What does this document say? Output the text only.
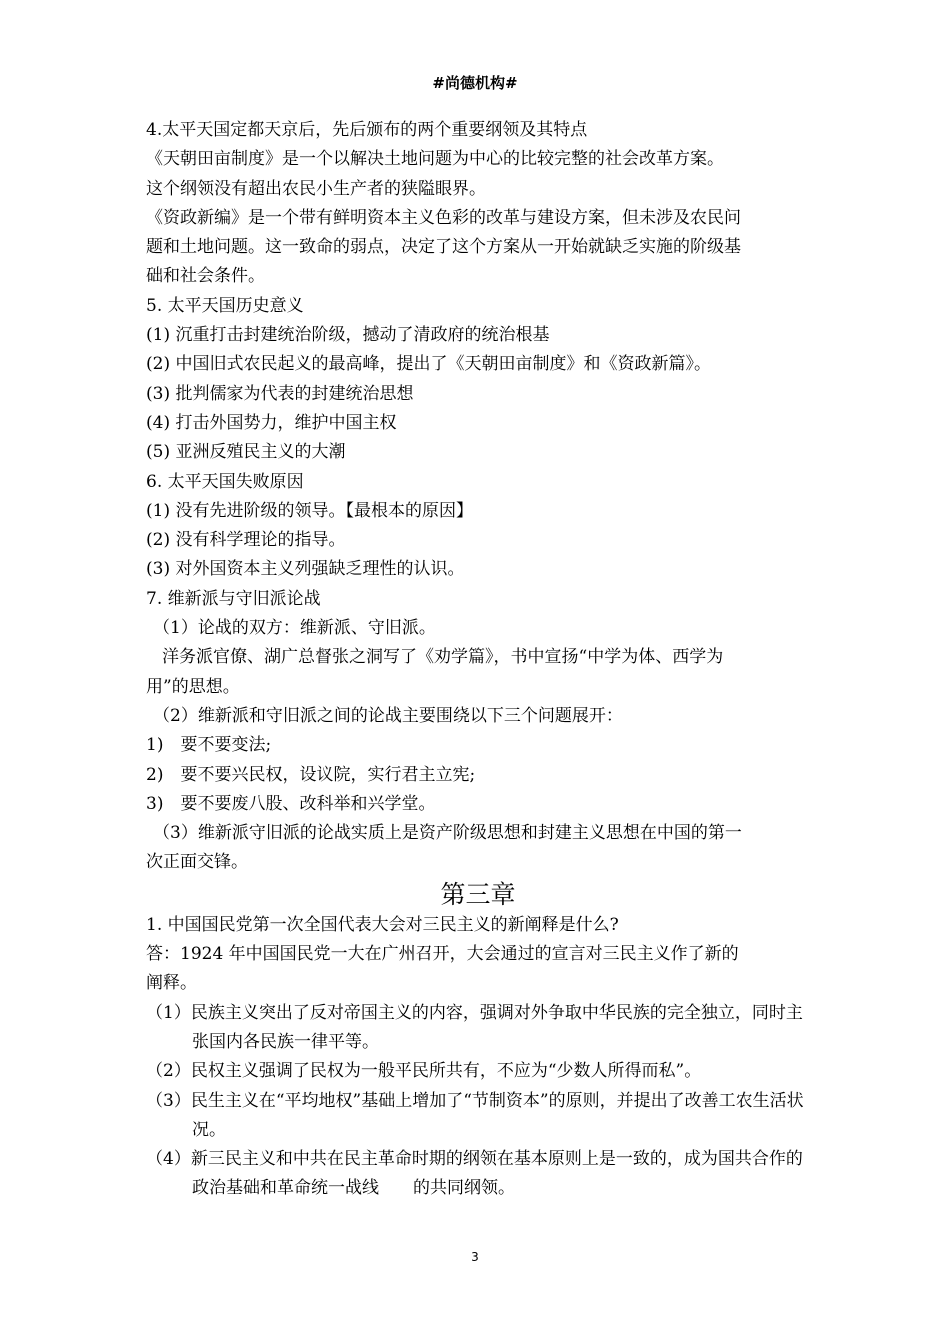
#尚德机构#

4.太平天国定都天京后，先后颁布的两个重要纲领及其特点

《天朝田亩制度》是一个以解决土地问题为中心的比较完整的社会改革方案。

这个纲领没有超出农民小生产者的狭隘眼界。

《资政新编》是一个带有鲜明资本主义色彩的改革与建设方案，但未涉及农民问

题和土地问题。这一致命的弱点，决定了这个方案从一开始就缺乏实施的阶级基

础和社会条件。

5. 太平天国历史意义

(1) 沉重打击封建统治阶级，撼动了清政府的统治根基

(2) 中国旧式农民起义的最高峰，提出了《天朝田亩制度》和《资政新篇》。

(3) 批判儒家为代表的封建统治思想

(4) 打击外国势力，维护中国主权

(5) 亚洲反殖民主义的大潮

6. 太平天国失败原因

(1) 没有先进阶级的领导。【最根本的原因】

(2) 没有科学理论的指导。

(3) 对外国资本主义列强缺乏理性的认识。

7. 维新派与守旧派论战

（1）论战的双方：维新派、守旧派。

洋务派官僚、湖广总督张之洞写了《劝学篇》，书中宣扬“中学为体、西学为

用”的思想。

（2）维新派和守旧派之间的论战主要围绕以下三个问题展开：

1)　要不要变法;

2)　要不要兴民权，设议院，实行君主立宪;

3)　要不要废八股、改科举和兴学堂。

（3）维新派守旧派的论战实质上是资产阶级思想和封建主义思想在中国的第一

次正面交锋。

第三章

1. 中国国民党第一次全国代表大会对三民主义的新阐释是什么?

答：1924 年中国国民党一大在广州召开，大会通过的宣言对三民主义作了新的

阐释。

（1）民族主义突出了反对帝国主义的内容，强调对外争取中华民族的完全独立，同时主张国内各民族一律平等。

（2）民权主义强调了民权为一般平民所共有，不应为“少数人所得而私”。

（3）民生主义在“平均地权”基础上增加了“节制资本”的原则，并提出了改善工农生活状况。

（4）新三民主义和中共在民主革命时期的纲领在基本原则上是一致的，成为国共合作的政治基础和革命统一战线　　的共同纲领。

3
